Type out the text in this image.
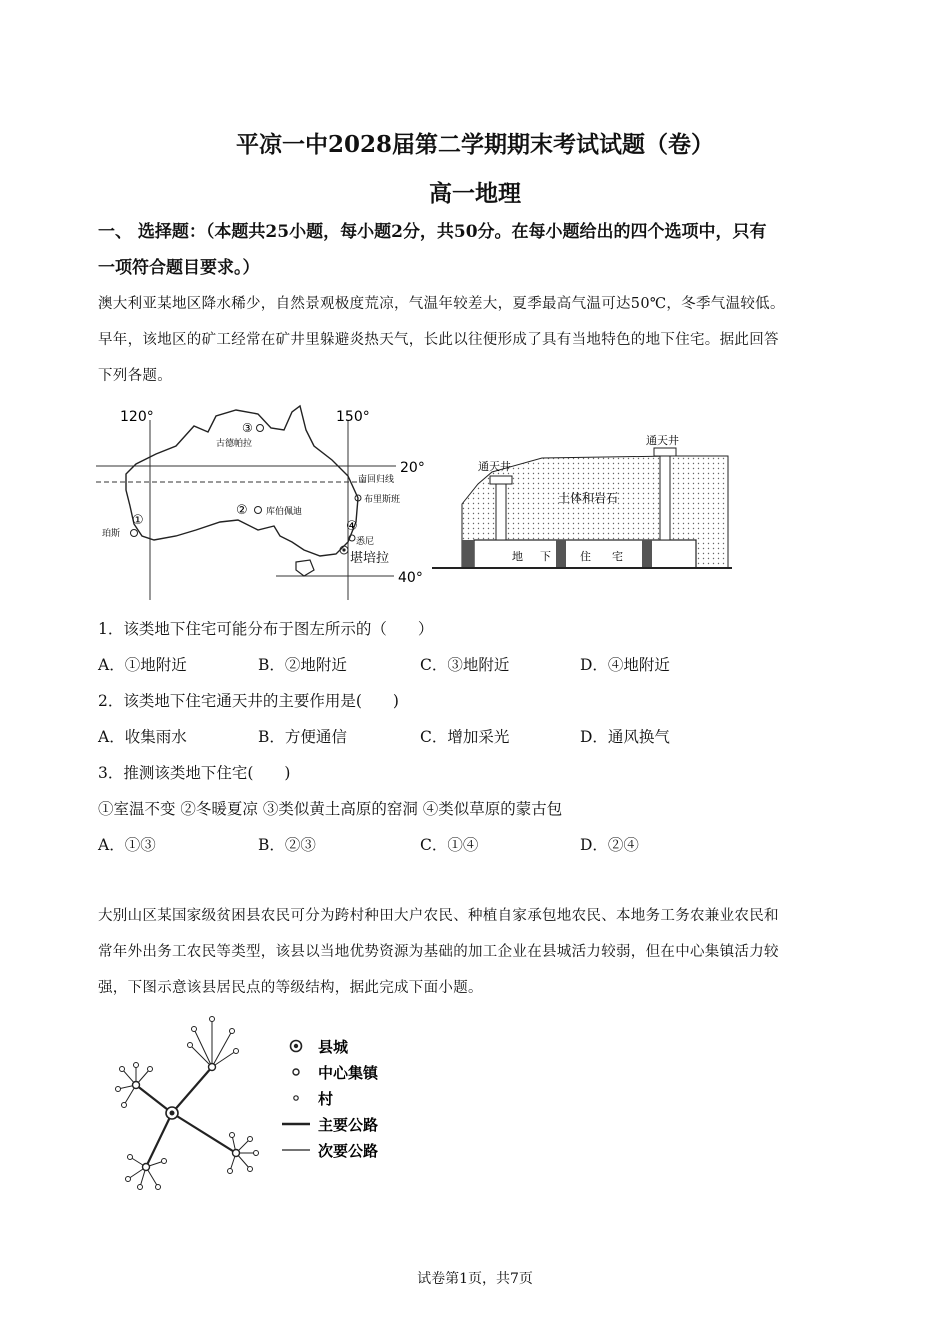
平凉一中2028届第二学期期末考试试题（卷）
高一地理
一、 选择题：（本题共25小题，每小题2分，共50分。在每小题给出的四个选项中，只有
一项符合题目要求。）
澳大利亚某地区降水稀少，自然景观极度荒凉，气温年较差大，夏季最高气温可达50℃，冬季气温较低。
早年，该地区的矿工经常在矿井里躲避炎热天气，长此以往便形成了具有当地特色的地下住宅。据此回答
下列各题。
120°	150°
20°
40°
③
古德帕拉
② 库伯佩迪
①
珀斯
南回归线
布里斯班
④
悉尼
堪培拉
通天井
通天井
土体和岩石
地 下	住 宅
1．该类地下住宅可能分布于图左所示的（　　）
A．①地附近	B．②地附近	C．③地附近	D．④地附近
2．该类地下住宅通天井的主要作用是(　　)
A．收集雨水	B．方便通信	C．增加采光	D．通风换气
3．推测该类地下住宅(　　)
①室温不变 ②冬暖夏凉 ③类似黄土高原的窑洞 ④类似草原的蒙古包
A．①③	B．②③	C．①④	D．②④
大别山区某国家级贫困县农民可分为跨村种田大户农民、种植自家承包地农民、本地务工务农兼业农民和
常年外出务工农民等类型，该县以当地优势资源为基础的加工企业在县城活力较弱，但在中心集镇活力较
强，下图示意该县居民点的等级结构，据此完成下面小题。
县城
中心集镇
村
主要公路
次要公路
试卷第1页，共7页
